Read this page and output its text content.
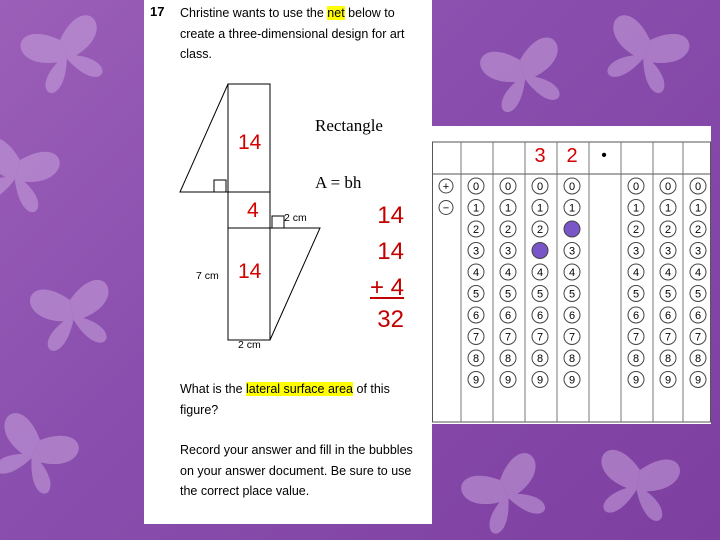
17 Christine wants to use the net below to create a three-dimensional design for art class.
Rectangle
A = bh
14
4
14
2 cm
7 cm
2 cm
What is the lateral surface area of this figure?
Record your answer and fill in the bubbles on your answer document. Be sure to use the correct place value.
14
14
+ 4
32
3 2 •
+
−
0
1
2
3
4
5
6
7
8
9
0
1
2
3
4
5
6
7
8
9
0
1
2
4
5
6
7
8
9
0
1
3
4
5
6
7
8
9
0
1
2
3
4
5
6
7
8
9
0
1
2
3
4
5
6
7
8
9
0
1
2
3
4
5
6
7
8
9
